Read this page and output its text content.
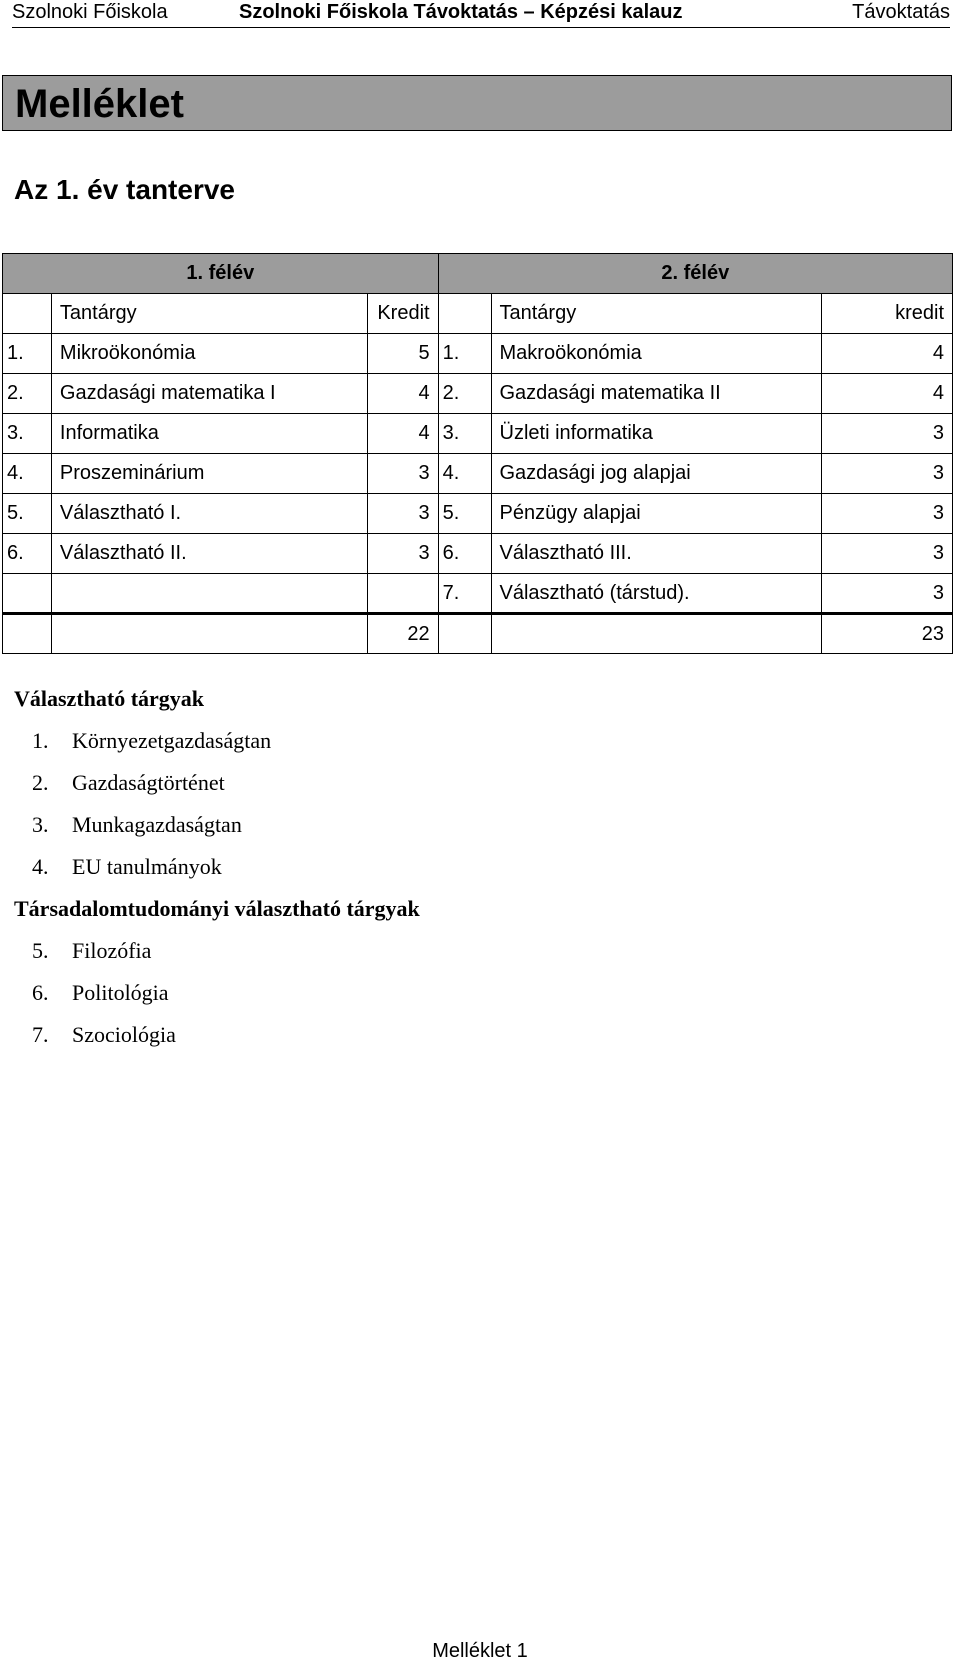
Szolnoki Főiskola	Szolnoki Főiskola Távoktatás – Képzési kalauz	Távoktatás
Melléklet
Az 1. év tanterve
1. félév			2. félév		
	Tantárgy	Kredit		Tantárgy	kredit
1.	Mikroökonómia	5	1.	Makroökonómia	4
2.	Gazdasági matematika I	4	2.	Gazdasági matematika II	4
3.	Informatika	4	3.	Üzleti informatika	3
4.	Proszeminárium	3	4.	Gazdasági jog alapjai	3
5.	Választható I.	3	5.	Pénzügy alapjai	3
6.	Választható II.	3	6.	Választható III.	3
			7.	Választható (társtud).	3
		22			23
Választható tárgyak
1. Környezetgazdaságtan
2. Gazdaságtörténet
3. Munkagazdaságtan
4. EU tanulmányok
Társadalomtudományi választható tárgyak
5. Filozófia
6. Politológia
7. Szociológia
Melléklet 1
